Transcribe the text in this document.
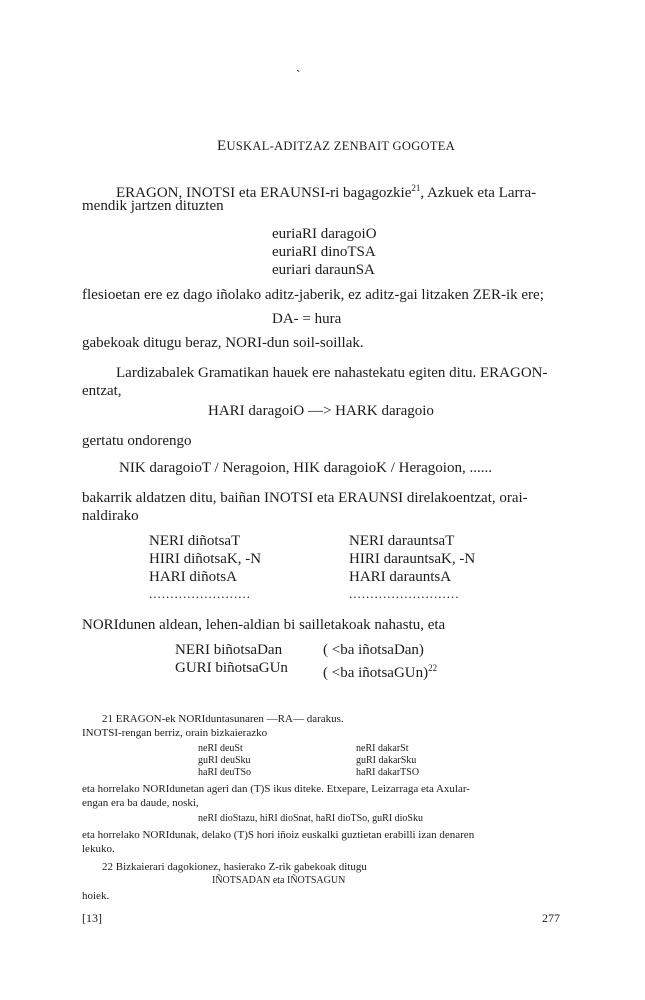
`
EUSKAL-ADITZAZ ZENBAIT GOGOTEA
ERAGON, INOTSI eta ERAUNSI-ri bagagozkie$^{21}$, Azkuek eta Larra-
mendik jartzen dituzten
euriaRI daragoiO
euriaRI dinoTSA
euriari daraunSA
flesioetan ere ez dago iñolako aditz-jaberik, ez aditz-gai litzaken ZER-ik ere;
DA- = hura
gabekoak ditugu beraz, NORI-dun soil-soillak.
Lardizabalek Gramatikan hauek ere nahastekatu egiten ditu. ERAGON-
entzat,
HARI daragoiO —> HARK daragoio
gertatu ondorengo
NIK daragoioT / Neragoion, HIK daragoioK / Heragoion, ......
bakarrik aldatzen ditu, baiñan INOTSI eta ERAUNSI direlakoentzat, orai-
naldirako
NERI diñotsaT
HIRI diñotsaK, -N
HARI diñotsA
........................
NERI darauntsaT
HIRI darauntsaK, -N
HARI darauntsA
..........................
NORIdunen aldean, lehen-aldian bi sailletakoak nahastu, eta
NERI biñotsaDan
GURI biñotsaGUn
( <ba iñotsaDan)
( <ba iñotsaGUn)$^{22}$
21 ERAGON-ek NORIduntasunaren —RA— darakus.
INOTSI-rengan berriz, orain bizkaierazko
neRI deuSt
guRI deuSku
haRI deuTSo
neRI dakarSt
guRI dakarSku
haRI dakarTSO
eta horrelako NORIdunetan ageri dan (T)S ikus diteke. Etxepare, Leizarraga eta Axular-
engan era ba daude, noski,
neRI dioStazu, hiRI dioSnat, haRI dioTSo, guRI dioSku
eta horrelako NORIdunak, delako (T)S hori iñoiz euskalki guztietan erabilli izan denaren
lekuko.
22 Bizkaierari dagokionez, hasierako Z-rik gabekoak ditugu
IÑOTSADAN eta IÑOTSAGUN
hoiek.
[13]	277
